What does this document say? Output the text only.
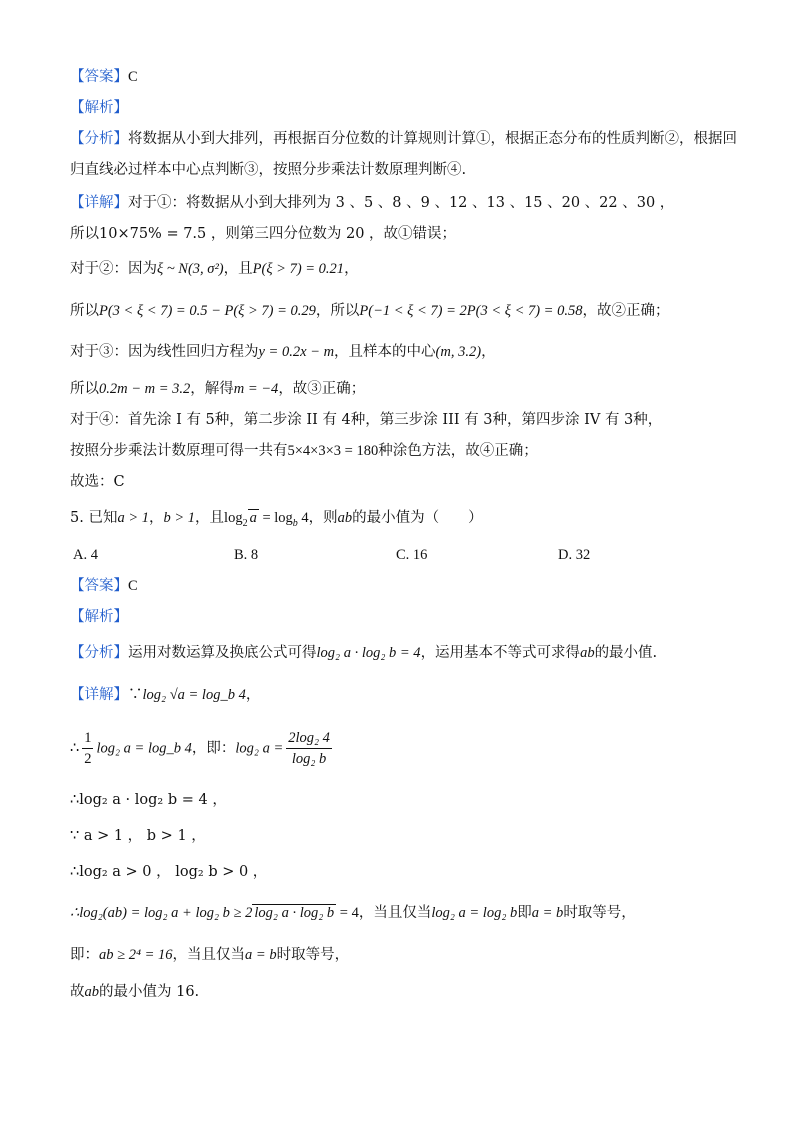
【答案】C
【解析】
【分析】将数据从小到大排列，再根据百分位数的计算规则计算①，根据正态分布的性质判断②，根据回
归直线必过样本中心点判断③，按照分步乘法计数原理判断④.
【详解】对于①：将数据从小到大排列为 3 、5 、8 、9 、12 、13 、15 、20 、22 、30 ，
所以10×75% = 7.5 ，则第三四分位数为 20 ，故①错误；
对于②：因为ξ ~ N(3, σ²)，且P(ξ > 7) = 0.21，
所以P(3 < ξ < 7) = 0.5 − P(ξ > 7) = 0.29，所以P(−1 < ξ < 7) = 2P(3 < ξ < 7) = 0.58，故②正确；
对于③：因为线性回归方程为y = 0.2x − m，且样本的中心(m, 3.2)，
所以0.2m − m = 3.2，解得m = −4，故③正确；
对于④：首先涂 I 有 5种，第二步涂 II 有 4种，第三步涂 III 有 3种，第四步涂 IV 有 3种，
按照分步乘法计数原理可得一共有5×4×3×3 = 180种涂色方法，故④正确；
故选：C
5. 已知a > 1，b > 1，且$\log_2 a = \log_b 4$，则ab的最小值为（　　）
A. 4	B. 8	C. 16	D. 32
【答案】C
【解析】
【分析】运用对数运算及换底公式可得log₂ a · log₂ b = 4，运用基本不等式可求得ab的最小值.
【详解】∵log₂ √a = log_b 4，
∴ $\frac{1}{2} \log_2$ a = log_b 4，即：log₂ $a = \frac{\text{2log₂ 4}}{\text{log₂ b}}$
∴log₂ a · log₂ b = 4 ，
∵ a > 1 ， b > 1 ，
∴log₂ a > 0 ， log₂ b > 0 ，
∴log₂(ab) = log₂ a + log₂ b ≥ 2 log₂ a · log₂ b = 4，当且仅当log₂ a = log₂ b即a = b时取等号，
即：ab ≥ 2⁴ = 16，当且仅当a = b时取等号，
故ab的最小值为 16.
